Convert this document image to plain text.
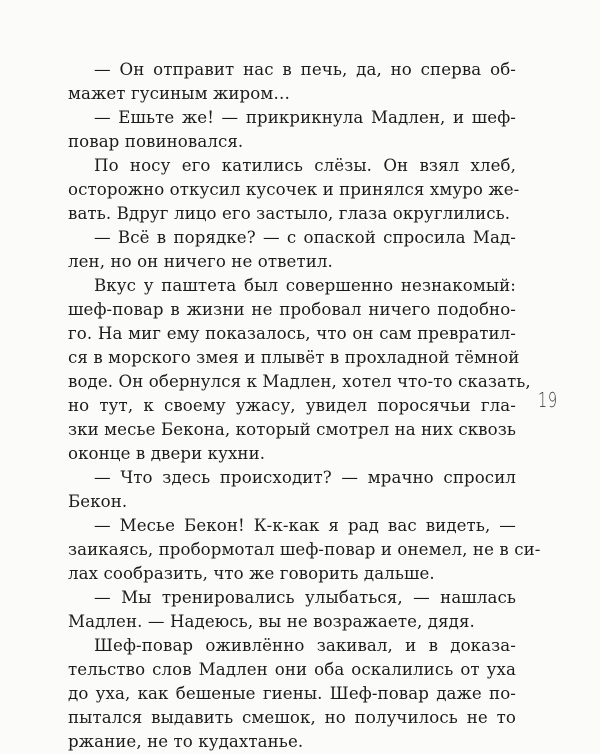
— Он отправит нас в печь, да, но сперва об-
мажет гусиным жиром…
— Ешьте же! — прикрикнула Мадлен, и шеф-
повар повиновался.
По носу его катились слёзы. Он взял хлеб,
осторожно откусил кусочек и принялся хмуро же-
вать. Вдруг лицо его застыло, глаза округлились.
— Всё в порядке? — с опаской спросила Мад-
лен, но он ничего не ответил.
Вкус у паштета был совершенно незнакомый:
шеф-повар в жизни не пробовал ничего подобно-
го. На миг ему показалось, что он сам превратил-
ся в морского змея и плывёт в прохладной тёмной
воде. Он обернулся к Мадлен, хотел что-то сказать,
но тут, к своему ужасу, увидел поросячьи гла-
зки месье Бекона, который смотрел на них сквозь
оконце в двери кухни.
— Что здесь происходит? — мрачно спросил
Бекон.
— Месье Бекон! К-к-как я рад вас видеть, —
заикаясь, пробормотал шеф-повар и онемел, не в си-
лах сообразить, что же говорить дальше.
— Мы тренировались улыбаться, — нашлась
Мадлен. — Надеюсь, вы не возражаете, дядя.
Шеф-повар оживлённо закивал, и в доказа-
тельство слов Мадлен они оба оскалились от уха
до уха, как бешеные гиены. Шеф-повар даже по-
пытался выдавить смешок, но получилось не то
ржание, не то кудахтанье.
19
